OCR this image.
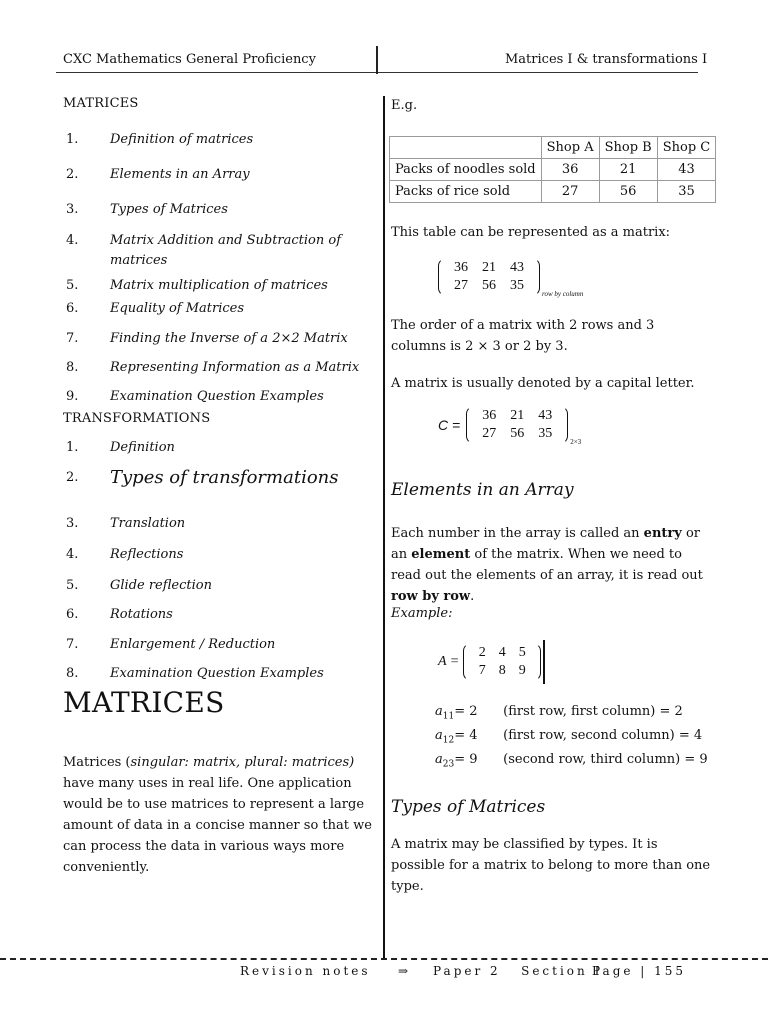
CXC Mathematics General Proficiency	Matrices I & transformations I
MATRICES
1. Definition of matrices
2. Elements in an Array
3. Types of Matrices
4. Matrix Addition and Subtraction of matrices
5. Matrix multiplication of matrices
6. Equality of Matrices
7. Finding the Inverse of a 2×2 Matrix
8. Representing Information as a Matrix
9. Examination Question Examples
TRANSFORMATIONS
1. Definition
2. Types of transformations
3. Translation
4. Reflections
5. Glide reflection
6. Rotations
7. Enlargement / Reduction
8. Examination Question Examples
MATRICES
Matrices (singular: matrix, plural: matrices) have many uses in real life. One application would be to use matrices to represent a large amount of data in a concise manner so that we can process the data in various ways more conveniently.
E.g.
	Shop A	Shop B	Shop C
Packs of noodles sold	36	21	43
Packs of rice sold	27	56	35
This table can be represented as a matrix:
36	21	43
27	56	35
row by column
The order of a matrix with 2 rows and 3 columns is 2 × 3 or 2 by 3.
A matrix is usually denoted by a capital letter.
C =
36	21	43
27	56	35
2×3
Elements in an Array
Each number in the array is called an entry or an element of the matrix. When we need to read out the elements of an array, it is read out row by row.
Example:
A =
2 4 5
7 8 9
$a_{11}= 2$ (first row, first column) = 2
$a_{12}= 4$ (first row, second column) = 4
$a_{23}= 9$ (second row, third column) = 9
Types of Matrices
A matrix may be classified by types. It is possible for a matrix to belong to more than one type.
Revision notes ⇒ Paper 2   Section I
Page | 155
